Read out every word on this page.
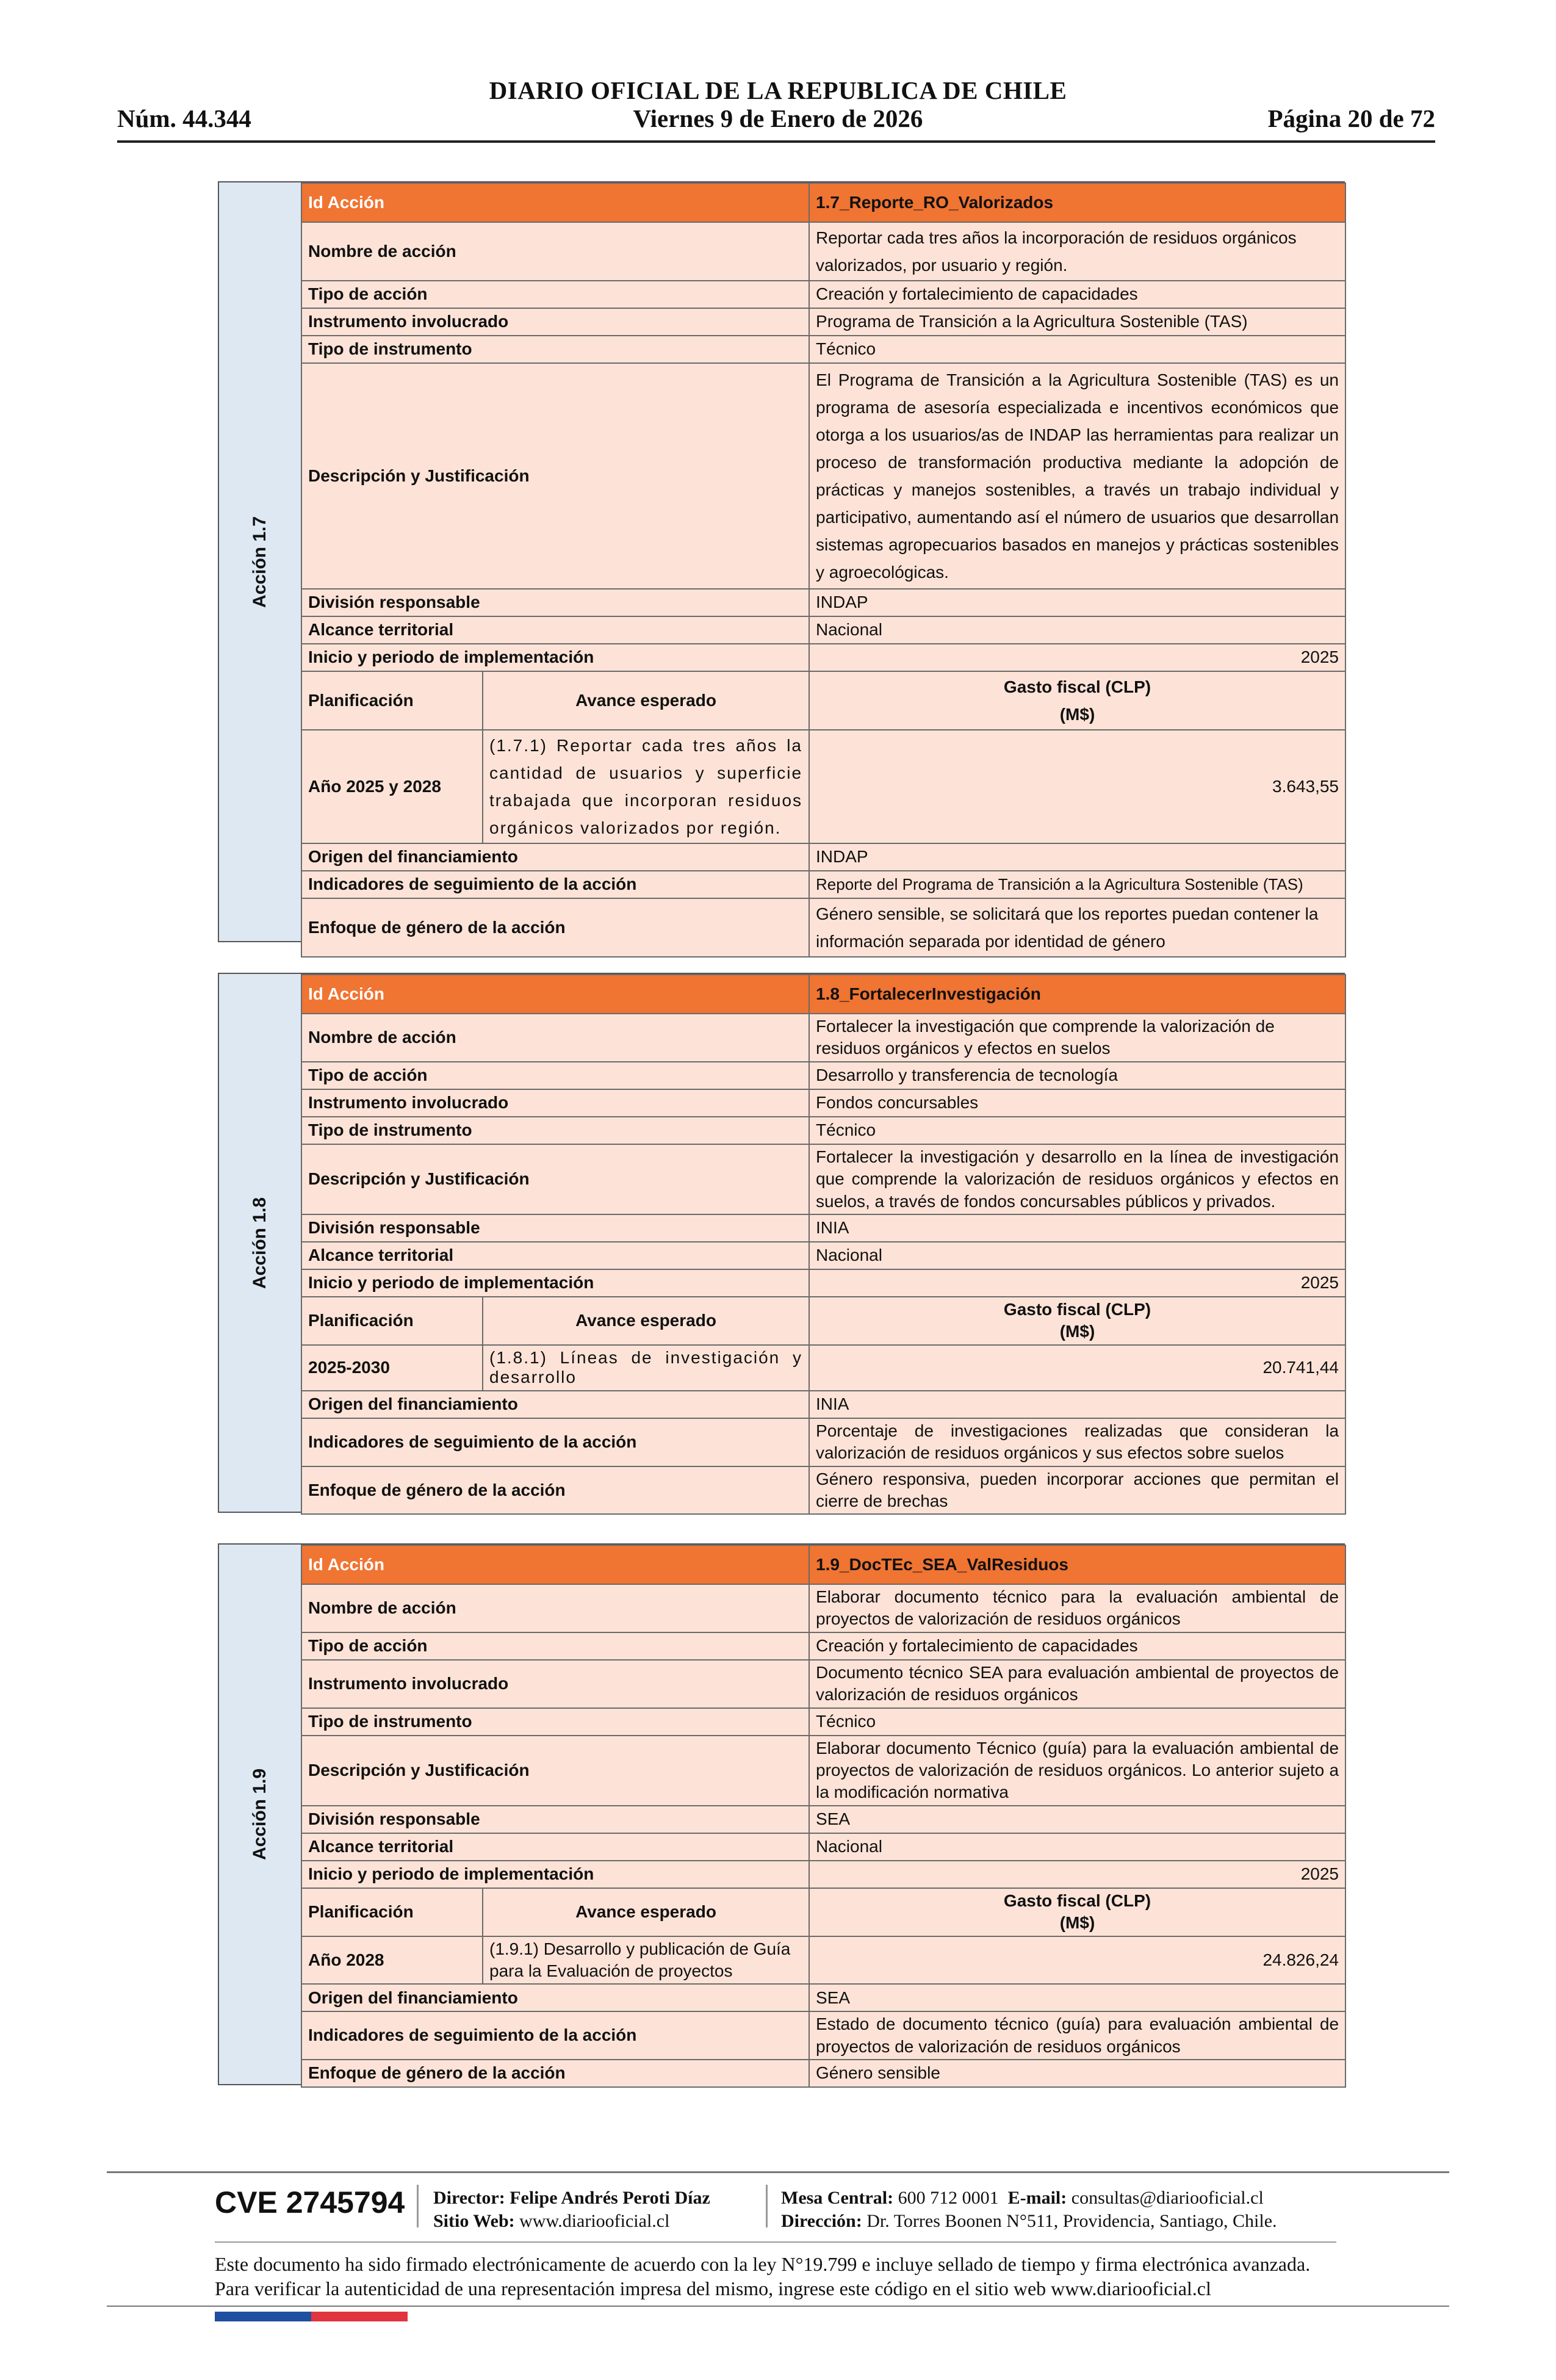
DIARIO OFICIAL DE LA REPUBLICA DE CHILE
Núm. 44.344	Viernes 9 de Enero de 2026	Página 20 de 72
Acción 1.7
Id Acción		1.7_Reporte_RO_Valorizados
Nombre de acción		Reportar cada tres años la incorporación de residuos orgánicos valorizados, por usuario y región.
Tipo de acción		Creación y fortalecimiento de capacidades
Instrumento involucrado		Programa de Transición a la Agricultura Sostenible (TAS)
Tipo de instrumento		Técnico
Descripción y Justificación		El Programa de Transición a la Agricultura Sostenible (TAS) es un programa de asesoría especializada e incentivos económicos que otorga a los usuarios/as de INDAP las herramientas para realizar un proceso de transformación productiva mediante la adopción de prácticas y manejos sostenibles, a través un trabajo individual y participativo, aumentando así el número de usuarios que desarrollan sistemas agropecuarios basados en manejos y prácticas sostenibles y agroecológicas.
División responsable		INDAP
Alcance territorial		Nacional
Inicio y periodo de implementación		2025
Planificación	Avance esperado	Gasto fiscal (CLP)
(M$)
Año 2025 y 2028	(1.7.1) Reportar cada tres años la cantidad de usuarios y superficie trabajada que incorporan residuos orgánicos valorizados por región.	3.643,55
Origen del financiamiento		INDAP
Indicadores de seguimiento de la acción		Reporte del Programa de Transición a la Agricultura Sostenible (TAS)
Enfoque de género de la acción		Género sensible, se solicitará que los reportes puedan contener la información separada por identidad de género
Acción 1.8
Id Acción		1.8_FortalecerInvestigación
Nombre de acción		Fortalecer la investigación que comprende la valorización de residuos orgánicos y efectos en suelos
Tipo de acción		Desarrollo y transferencia de tecnología
Instrumento involucrado		Fondos concursables
Tipo de instrumento		Técnico
Descripción y Justificación		Fortalecer la investigación y desarrollo en la línea de investigación que comprende la valorización de residuos orgánicos y efectos en suelos, a través de fondos concursables públicos y privados.
División responsable		INIA
Alcance territorial		Nacional
Inicio y periodo de implementación		2025
Planificación	Avance esperado	Gasto fiscal (CLP)
(M$)
2025-2030	(1.8.1) Líneas de investigación y desarrollo	20.741,44
Origen del financiamiento		INIA
Indicadores de seguimiento de la acción		Porcentaje de investigaciones realizadas que consideran la valorización de residuos orgánicos y sus efectos sobre suelos
Enfoque de género de la acción		Género responsiva, pueden incorporar acciones que permitan el cierre de brechas
Acción 1.9
Id Acción		1.9_DocTEc_SEA_ValResiduos
Nombre de acción		Elaborar documento técnico para la evaluación ambiental de proyectos de valorización de residuos orgánicos
Tipo de acción		Creación y fortalecimiento de capacidades
Instrumento involucrado		Documento técnico SEA para evaluación ambiental de proyectos de valorización de residuos orgánicos
Tipo de instrumento		Técnico
Descripción y Justificación		Elaborar documento Técnico (guía) para la evaluación ambiental de proyectos de valorización de residuos orgánicos. Lo anterior sujeto a la modificación normativa
División responsable		SEA
Alcance territorial		Nacional
Inicio y periodo de implementación		2025
Planificación	Avance esperado	Gasto fiscal (CLP)
(M$)
Año 2028	(1.9.1) Desarrollo y publicación de Guía para la Evaluación de proyectos	24.826,24
Origen del financiamiento		SEA
Indicadores de seguimiento de la acción		Estado de documento técnico (guía) para evaluación ambiental de proyectos de valorización de residuos orgánicos
Enfoque de género de la acción		Género sensible
CVE 2745794 Director: Felipe Andrés Peroti Díaz
Sitio Web: www.diariooficial.cl
Mesa Central: 600 712 0001 E-mail: consultas@diariooficial.cl
Dirección: Dr. Torres Boonen N°511, Providencia, Santiago, Chile.
Este documento ha sido firmado electrónicamente de acuerdo con la ley N°19.799 e incluye sellado de tiempo y firma electrónica avanzada. Para verificar la autenticidad de una representación impresa del mismo, ingrese este código en el sitio web www.diariooficial.cl
